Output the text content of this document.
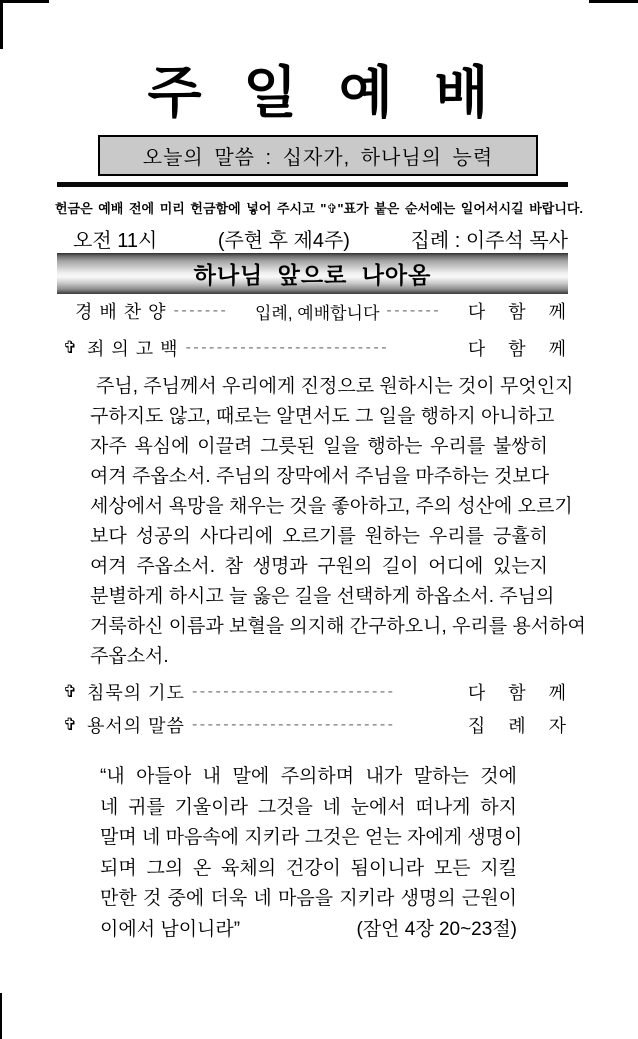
주 일 예 배
오늘의 말씀 : 십자가, 하나님의 능력
헌금은 예배 전에 미리 헌금함에 넣어 주시고 "✞"표가 붙은 순서에는 일어서시길 바랍니다.
오전 11시	(주현 후 제4주)	집례 : 이주석 목사
하나님 앞으로 나아옴
경 배 찬 양 -------	입례, 예배합니다 -------	다 함 께
✞ 죄 의 고 백 --------------------------	다 함 께
주님, 주님께서 우리에게 진정으로 원하시는 것이 무엇인지
구하지도 않고, 때로는 알면서도 그 일을 행하지 아니하고
자주 욕심에 이끌려 그릇된 일을 행하는 우리를 불쌍히
여겨 주옵소서. 주님의 장막에서 주님을 마주하는 것보다
세상에서 욕망을 채우는 것을 좋아하고, 주의 성산에 오르기
보다 성공의 사다리에 오르기를 원하는 우리를 긍휼히
여겨 주옵소서. 참 생명과 구원의 길이 어디에 있는지
분별하게 하시고 늘 옳은 길을 선택하게 하옵소서. 주님의
거룩하신 이름과 보혈을 의지해 간구하오니, 우리를 용서하여
주옵소서.
✞ 침묵의 기도 --------------------------	다 함 께
✞ 용서의 말씀 --------------------------	집 례 자
“내 아들아 내 말에 주의하며 내가 말하는 것에
네 귀를 기울이라 그것을 네 눈에서 떠나게 하지
말며 네 마음속에 지키라 그것은 얻는 자에게 생명이
되며 그의 온 육체의 건강이 됨이니라 모든 지킬
만한 것 중에 더욱 네 마음을 지키라 생명의 근원이
이에서 남이니라”	(잠언 4장 20~23절)
